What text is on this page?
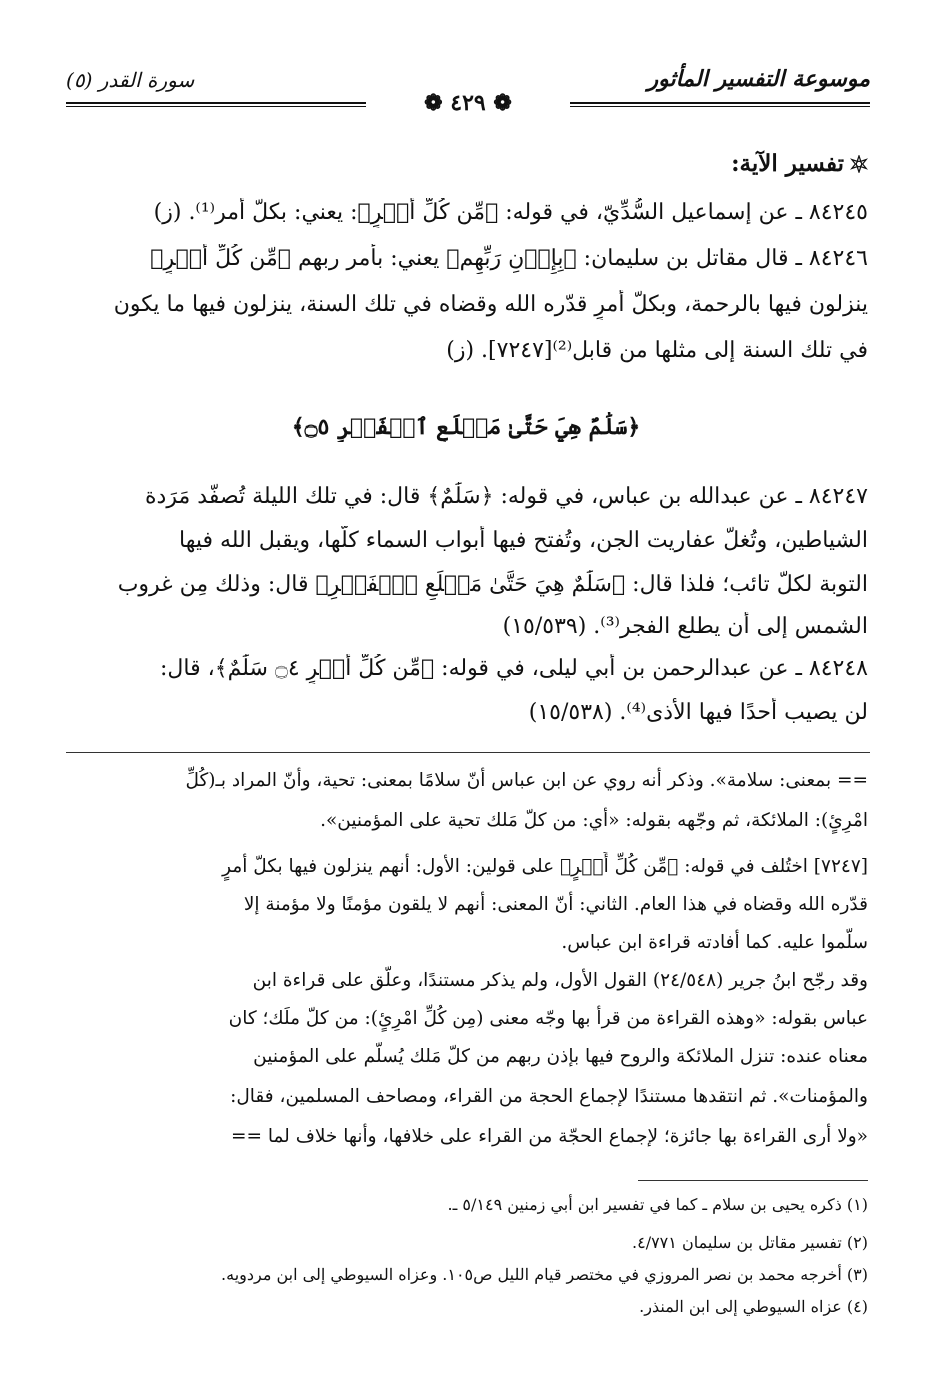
موسوعة التفسير المأثور
سورة القدر (٥)
❁ ٤٢٩ ❁
تفسير الآية:
٨٤٢٤٥ ـ عن إسماعيل السُّدِّيّ، في قوله: ﴿مِّن كُلِّ أَمۡرٍ﴾: يعني: بكلّ أمر⁽¹⁾. (ز)
٨٤٢٤٦ ـ قال مقاتل بن سليمان: ﴿بِإِذۡنِ رَبِّهِم﴾ يعني: بأمر ربهم ﴿مِّن كُلِّ أَمۡرٍ﴾
ينزلون فيها بالرحمة، وبكلّ أمرٍ قدّره الله وقضاه في تلك السنة، ينزلون فيها ما يكون
في تلك السنة إلى مثلها من قابل⁽²⁾[٧٢٤٧]. (ز)
﴿سَلَٰمٌ هِيَ حَتَّىٰ مَطۡلَعِ ٱلۡفَجۡرِ ۝٥﴾
٨٤٢٤٧ ـ عن عبدالله بن عباس، في قوله: ﴿سَلَٰمٌ﴾ قال: في تلك الليلة تُصفّد مَرَدة
الشياطين، وتُغلّ عفاريت الجن، وتُفتح فيها أبواب السماء كلّها، ويقبل الله فيها
التوبة لكلّ تائب؛ فلذا قال: ﴿سَلَٰمٌ هِيَ حَتَّىٰ مَطۡلَعِ ٱلۡفَجۡرِ﴾ قال: وذلك مِن غروب
الشمس إلى أن يطلع الفجر⁽³⁾. (١٥/٥٣٩)
٨٤٢٤٨ ـ عن عبدالرحمن بن أبي ليلى، في قوله: ﴿مِّن كُلِّ أَمۡرٍ ۝٤ سَلَٰمٌ﴾، قال:
لن يصيب أحدًا فيها الأذى⁽⁴⁾. (١٥/٥٣٨)
== بمعنى: سلامة». وذكر أنه روي عن ابن عباس أنّ سلامًا بمعنى: تحية، وأنّ المراد بـ(كُلِّ
امْرِئٍ): الملائكة، ثم وجّهه بقوله: «أي: من كلّ مَلك تحية على المؤمنين».
[٧٢٤٧] اختُلف في قوله: ﴿مِّن كُلِّ أَمۡرٍ﴾ على قولين: الأول: أنهم ينزلون فيها بكلّ أمرٍ
قدّره الله وقضاه في هذا العام. الثاني: أنّ المعنى: أنهم لا يلقون مؤمنًا ولا مؤمنة إلا
سلّموا عليه. كما أفادته قراءة ابن عباس.
وقد رجّح ابنُ جرير (٢٤/٥٤٨) القول الأول، ولم يذكر مستندًا، وعلّق على قراءة ابن
عباس بقوله: «وهذه القراءة من قرأ بها وجّه معنى (مِن كُلِّ امْرِئٍ): من كلّ ملَك؛ كان
معناه عنده: تنزل الملائكة والروح فيها بإذن ربهم من كلّ مَلك يُسلّم على المؤمنين
والمؤمنات». ثم انتقدها مستندًا لإجماع الحجة من القراء، ومصاحف المسلمين، فقال:
«ولا أرى القراءة بها جائزة؛ لإجماع الحجّة من القراء على خلافها، وأنها خلاف لما ==
(١) ذكره يحيى بن سلام ـ كما في تفسير ابن أبي زمنين ٥/١٤٩ ـ.
(٢) تفسير مقاتل بن سليمان ٤/٧٧١.
(٣) أخرجه محمد بن نصر المروزي في مختصر قيام الليل ص١٠٥. وعزاه السيوطي إلى ابن مردويه.
(٤) عزاه السيوطي إلى ابن المنذر.
